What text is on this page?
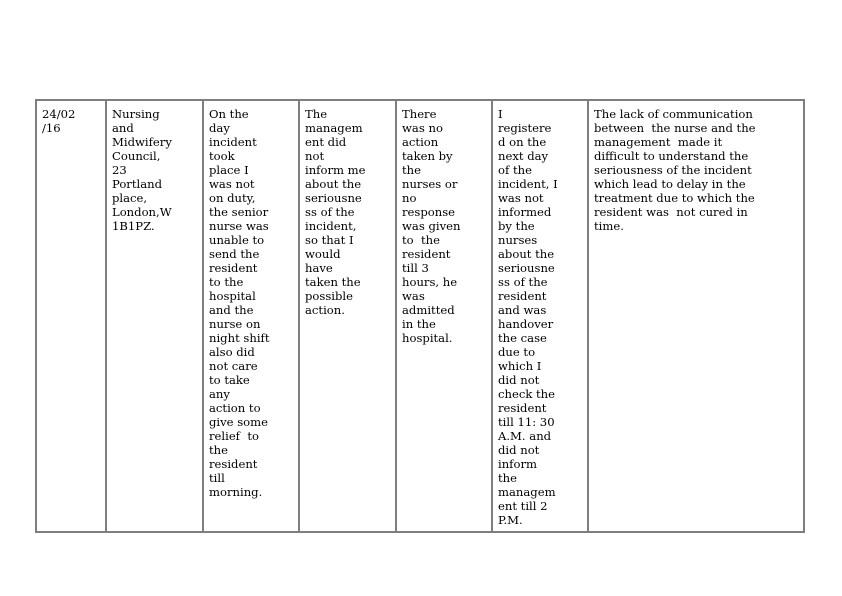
24/02
/16	Nursing
and
Midwifery
Council,
23
Portland
place,
London,W
1B1PZ.	On the
day
incident
took
place I
was not
on duty,
the senior
nurse was
unable to
send the
resident
to the
hospital
and the
nurse on
night shift
also did
not care
to take
any
action to
give some
relief  to
the
resident
till
morning.	The
managem
ent did
not
inform me
about the
seriousne
ss of the
incident,
so that I
would
have
taken the
possible
action.	There
was no
action
taken by
the
nurses or
no
response
was given
to  the
resident
till 3
hours, he
was
admitted
in the
hospital.	I
registere
d on the
next day
of the
incident, I
was not
informed
by the
nurses
about the
seriousne
ss of the
resident
and was
handover
the case
due to
which I
did not
check the
resident
till 11: 30
A.M. and
did not
inform
the
managem
ent till 2
P.M.	The lack of communication
between  the nurse and the
management  made it
difficult to understand the
seriousness of the incident
which lead to delay in the
treatment due to which the
resident was  not cured in
time.
